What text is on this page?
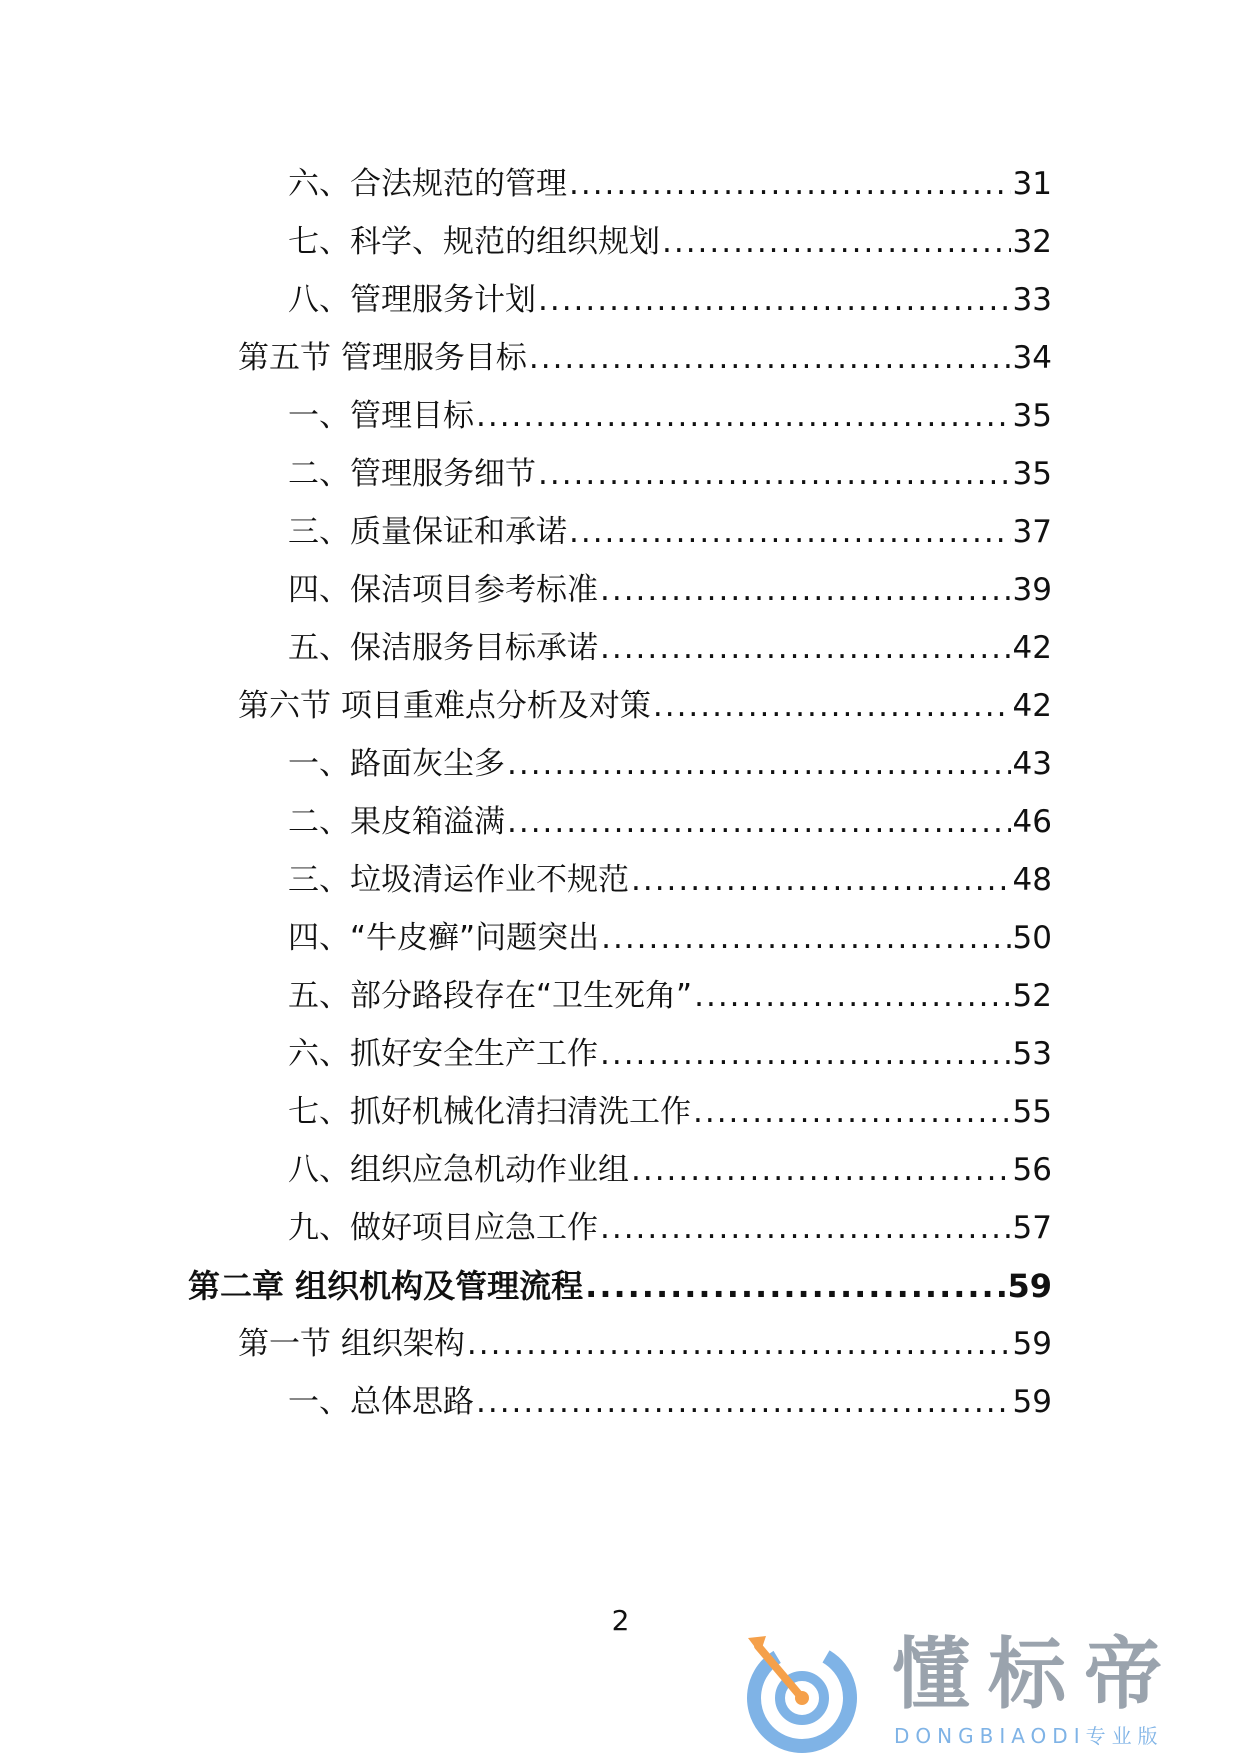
六、合法规范的管理 .....	31
七、科学、规范的组织规划 .....	32
八、管理服务计划 .....	33
第五节 管理服务目标 .....	34
一、管理目标 .....	35
二、管理服务细节 .....	35
三、质量保证和承诺 .....	37
四、保洁项目参考标准 .....	39
五、保洁服务目标承诺 .....	42
第六节 项目重难点分析及对策 .....	42
一、路面灰尘多 .....	43
二、果皮箱溢满 .....	46
三、垃圾清运作业不规范 .....	48
四、“牛皮癣”问题突出 .....	50
五、部分路段存在“卫生死角” .....	52
六、抓好安全生产工作 .....	53
七、抓好机械化清扫清洗工作 .....	55
八、组织应急机动作业组 .....	56
九、做好项目应急工作 .....	57
第二章 组织机构及管理流程 .....	59
第一节 组织架构 .....	59
一、总体思路 .....	59
2
懂标帝
DONGBIAODI专业版
